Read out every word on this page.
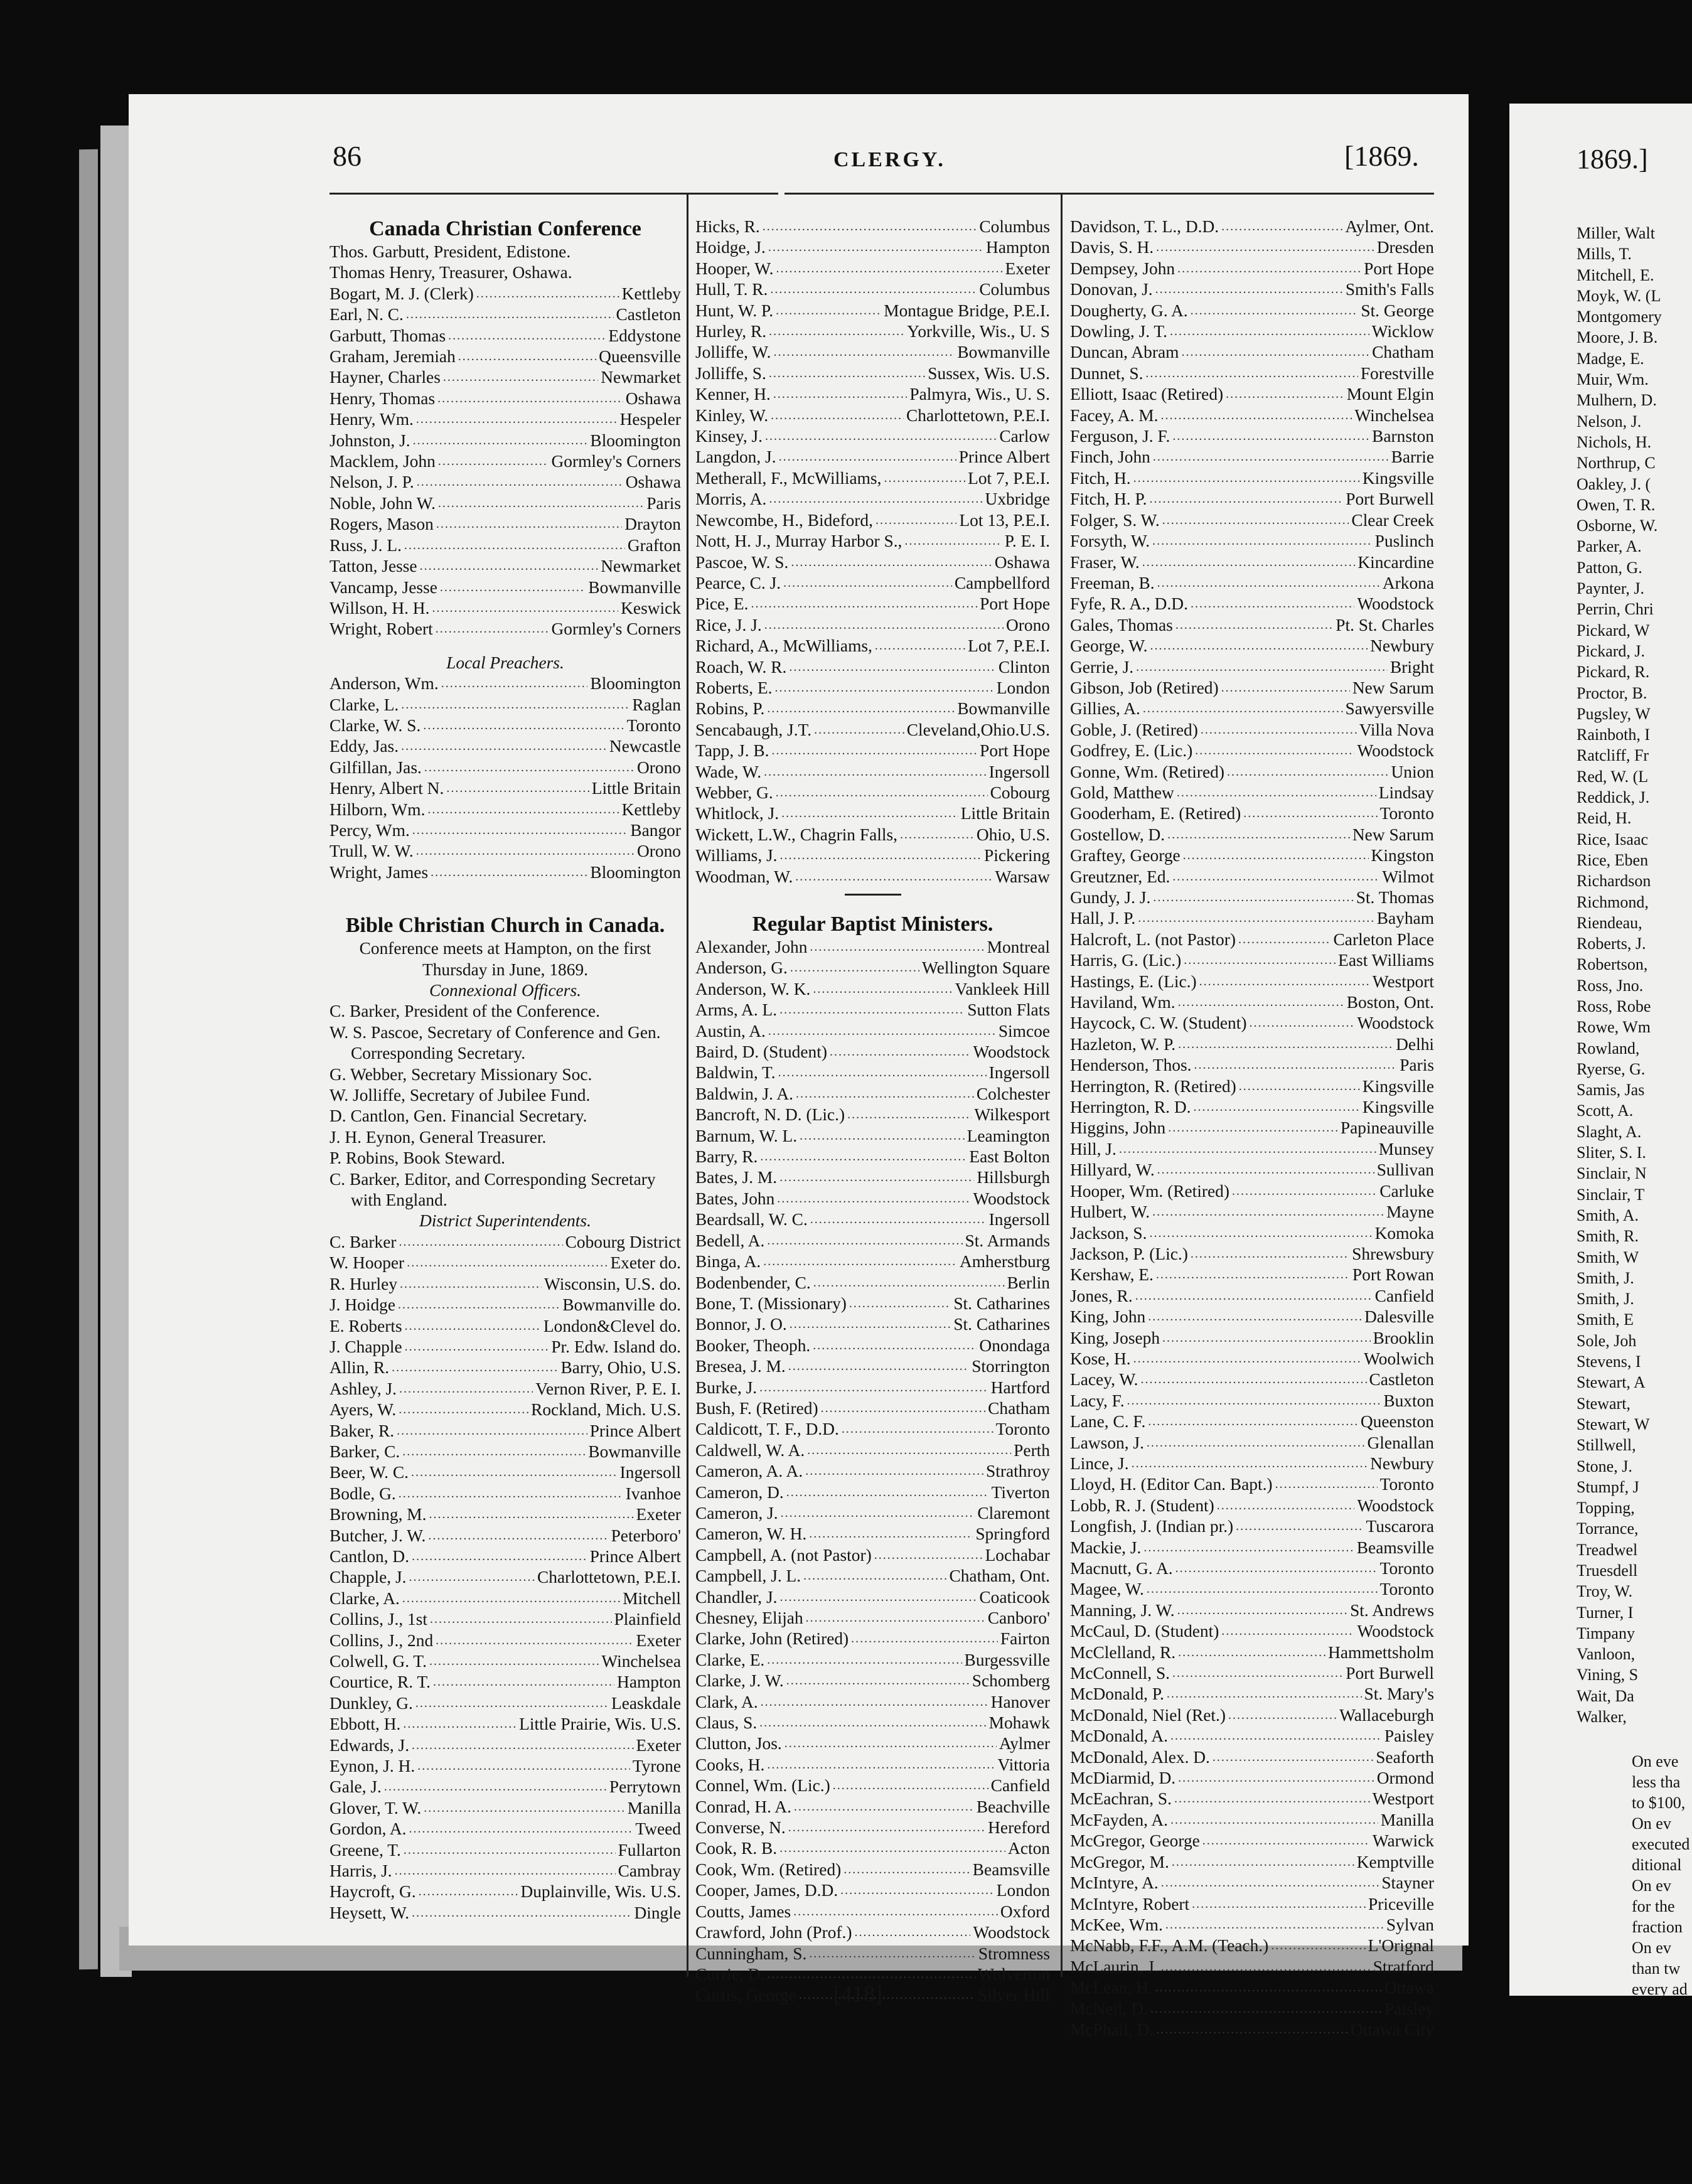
86	CLERGY.	[1869.
Canada Christian Conference
Thos. Garbutt, President, Edistone.
Thomas Henry, Treasurer, Oshawa.
Bogart, M. J. (Clerk) .....	Kettleby
Earl, N. C. .....	Castleton
Garbutt, Thomas .....	Eddystone
Graham, Jeremiah .....	Queensville
Hayner, Charles .....	Newmarket
Henry, Thomas .....	Oshawa
Henry, Wm. .....	Hespeler
Johnston, J. .....	Bloomington
Macklem, John .....	Gormley's Corners
Nelson, J. P. .....	Oshawa
Noble, John W. .....	Paris
Rogers, Mason .....	Drayton
Russ, J. L. .....	Grafton
Tatton, Jesse .....	Newmarket
Vancamp, Jesse .....	Bowmanville
Willson, H. H. .....	Keswick
Wright, Robert .....	Gormley's Corners
Local Preachers.
Anderson, Wm. .....	Bloomington
Clarke, L. .....	Raglan
Clarke, W. S. .....	Toronto
Eddy, Jas. .....	Newcastle
Gilfillan, Jas. .....	Orono
Henry, Albert N. .....	Little Britain
Hilborn, Wm. .....	Kettleby
Percy, Wm. .....	Bangor
Trull, W. W. .....	Orono
Wright, James .....	Bloomington
Bible Christian Church in Canada.
Conference meets at Hampton, on the first Thursday in June, 1869.
Connexional Officers.
C. Barker, President of the Conference.
W. S. Pascoe, Secretary of Conference and Gen. Corresponding Secretary.
G. Webber, Secretary Missionary Soc.
W. Jolliffe, Secretary of Jubilee Fund.
D. Cantlon, Gen. Financial Secretary.
J. H. Eynon, General Treasurer.
P. Robins, Book Steward.
C. Barker, Editor, and Corresponding Secretary with England.
District Superintendents.
C. Barker .....	Cobourg District
W. Hooper .....	Exeter do.
R. Hurley .....	Wisconsin, U.S. do.
J. Hoidge .....	Bowmanville do.
E. Roberts .....	London&Clevel do.
J. Chapple .....	Pr. Edw. Island do.
Allin, R. .....	Barry, Ohio, U.S.
Ashley, J. .....	Vernon River, P. E. I.
Ayers, W. .....	Rockland, Mich. U.S.
Baker, R. .....	Prince Albert
Barker, C. .....	Bowmanville
Beer, W. C. .....	Ingersoll
Bodle, G. .....	Ivanhoe
Browning, M. .....	Exeter
Butcher, J. W. .....	Peterboro'
Cantlon, D. .....	Prince Albert
Chapple, J. .....	Charlottetown, P.E.I.
Clarke, A. .....	Mitchell
Collins, J., 1st .....	Plainfield
Collins, J., 2nd .....	Exeter
Colwell, G. T. .....	Winchelsea
Courtice, R. T. .....	Hampton
Dunkley, G. .....	Leaskdale
Ebbott, H. .....	Little Prairie, Wis. U.S.
Edwards, J. .....	Exeter
Eynon, J. H. .....	Tyrone
Gale, J. .....	Perrytown
Glover, T. W. .....	Manilla
Gordon, A. .....	Tweed
Greene, T. .....	Fullarton
Harris, J. .....	Cambray
Haycroft, G. .....	Duplainville, Wis. U.S.
Heysett, W. .....	Dingle
Hicks, R. .....	Columbus
Hoidge, J. .....	Hampton
Hooper, W. .....	Exeter
Hull, T. R. .....	Columbus
Hunt, W. P. .....	Montague Bridge, P.E.I.
Hurley, R. .....	Yorkville, Wis., U. S
Jolliffe, W. .....	Bowmanville
Jolliffe, S. .....	Sussex, Wis. U.S.
Kenner, H. .....	Palmyra, Wis., U. S.
Kinley, W. .....	Charlottetown, P.E.I.
Kinsey, J. .....	Carlow
Langdon, J. .....	Prince Albert
Metherall, F., McWilliams, .....	Lot 7, P.E.I.
Morris, A. .....	Uxbridge
Newcombe, H., Bideford, .....	Lot 13, P.E.I.
Nott, H. J., Murray Harbor S., .....	P. E. I.
Pascoe, W. S. .....	Oshawa
Pearce, C. J. .....	Campbellford
Pice, E. .....	Port Hope
Rice, J. J. .....	Orono
Richard, A., McWilliams, .....	Lot 7, P.E.I.
Roach, W. R. .....	Clinton
Roberts, E. .....	London
Robins, P. .....	Bowmanville
Sencabaugh, J.T. .....	Cleveland,Ohio.U.S.
Tapp, J. B. .....	Port Hope
Wade, W. .....	Ingersoll
Webber, G. .....	Cobourg
Whitlock, J. .....	Little Britain
Wickett, L.W., Chagrin Falls, .....	Ohio, U.S.
Williams, J. .....	Pickering
Woodman, W. .....	Warsaw
Regular Baptist Ministers.
Alexander, John .....	Montreal
Anderson, G. .....	Wellington Square
Anderson, W. K. .....	Vankleek Hill
Arms, A. L. .....	Sutton Flats
Austin, A. .....	Simcoe
Baird, D. (Student) .....	Woodstock
Baldwin, T. .....	Ingersoll
Baldwin, J. A. .....	Colchester
Bancroft, N. D. (Lic.) .....	Wilkesport
Barnum, W. L. .....	Leamington
Barry, R. .....	East Bolton
Bates, J. M. .....	Hillsburgh
Bates, John .....	Woodstock
Beardsall, W. C. .....	Ingersoll
Bedell, A. .....	St. Armands
Binga, A. .....	Amherstburg
Bodenbender, C. .....	Berlin
Bone, T. (Missionary) .....	St. Catharines
Bonnor, J. O. .....	St. Catharines
Booker, Theoph. .....	Onondaga
Bresea, J. M. .....	Storrington
Burke, J. .....	Hartford
Bush, F. (Retired) .....	Chatham
Caldicott, T. F., D.D. .....	Toronto
Caldwell, W. A. .....	Perth
Cameron, A. A. .....	Strathroy
Cameron, D. .....	Tiverton
Cameron, J. .....	Claremont
Cameron, W. H. .....	Springford
Campbell, A. (not Pastor) .....	Lochabar
Campbell, J. L. .....	Chatham, Ont.
Chandler, J. .....	Coaticook
Chesney, Elijah .....	Canboro'
Clarke, John (Retired) .....	Fairton
Clarke, E. .....	Burgessville
Clarke, J. W. .....	Schomberg
Clark, A. .....	Hanover
Claus, S. .....	Mohawk
Clutton, Jos. .....	Aylmer
Cooks, H. .....	Vittoria
Connel, Wm. (Lic.) .....	Canfield
Conrad, H. A. .....	Beachville
Converse, N. .....	Hereford
Cook, R. B. .....	Acton
Cook, Wm. (Retired) .....	Beamsville
Cooper, James, D.D. .....	London
Coutts, James .....	Oxford
Crawford, John (Prof.) .....	Woodstock
Cunningham, S. .....	Stromness
Currie, D. .....	Wolverton
Curtis, George .....	Silver Hill
Davidson, T. L., D.D. .....	Aylmer, Ont.
Davis, S. H. .....	Dresden
Dempsey, John .....	Port Hope
Donovan, J. .....	Smith's Falls
Dougherty, G. A. .....	St. George
Dowling, J. T. .....	Wicklow
Duncan, Abram .....	Chatham
Dunnet, S. .....	Forestville
Elliott, Isaac (Retired) .....	Mount Elgin
Facey, A. M. .....	Winchelsea
Ferguson, J. F. .....	Barnston
Finch, John .....	Barrie
Fitch, H. .....	Kingsville
Fitch, H. P. .....	Port Burwell
Folger, S. W. .....	Clear Creek
Forsyth, W. .....	Puslinch
Fraser, W. .....	Kincardine
Freeman, B. .....	Arkona
Fyfe, R. A., D.D. .....	Woodstock
Gales, Thomas .....	Pt. St. Charles
George, W. .....	Newbury
Gerrie, J. .....	Bright
Gibson, Job (Retired) .....	New Sarum
Gillies, A. .....	Sawyersville
Goble, J. (Retired) .....	Villa Nova
Godfrey, E. (Lic.) .....	Woodstock
Gonne, Wm. (Retired) .....	Union
Gold, Matthew .....	Lindsay
Gooderham, E. (Retired) .....	Toronto
Gostellow, D. .....	New Sarum
Graftey, George .....	Kingston
Greutzner, Ed. .....	Wilmot
Gundy, J. J. .....	St. Thomas
Hall, J. P. .....	Bayham
Halcroft, L. (not Pastor) .....	Carleton Place
Harris, G. (Lic.) .....	East Williams
Hastings, E. (Lic.) .....	Westport
Haviland, Wm. .....	Boston, Ont.
Haycock, C. W. (Student) .....	Woodstock
Hazleton, W. P. .....	Delhi
Henderson, Thos. .....	Paris
Herrington, R. (Retired) .....	Kingsville
Herrington, R. D. .....	Kingsville
Higgins, John .....	Papineauville
Hill, J. .....	Munsey
Hillyard, W. .....	Sullivan
Hooper, Wm. (Retired) .....	Carluke
Hulbert, W. .....	Mayne
Jackson, S. .....	Komoka
Jackson, P. (Lic.) .....	Shrewsbury
Kershaw, E. .....	Port Rowan
Jones, R. .....	Canfield
King, John .....	Dalesville
King, Joseph .....	Brooklin
Kose, H. .....	Woolwich
Lacey, W. .....	Castleton
Lacy, F. .....	Buxton
Lane, C. F. .....	Queenston
Lawson, J. .....	Glenallan
Lince, J. .....	Newbury
Lloyd, H. (Editor Can. Bapt.) .....	Toronto
Lobb, R. J. (Student) .....	Woodstock
Longfish, J. (Indian pr.) .....	Tuscarora
Mackie, J. .....	Beamsville
Macnutt, G. A. .....	Toronto
Magee, W. .....	Toronto
Manning, J. W. .....	St. Andrews
McCaul, D. (Student) .....	Woodstock
McClelland, R. .....	Hammettsholm
McConnell, S. .....	Port Burwell
McDonald, P. .....	St. Mary's
McDonald, Niel (Ret.) .....	Wallaceburgh
McDonald, A. .....	Paisley
McDonald, Alex. D. .....	Seaforth
McDiarmid, D. .....	Ormond
McEachran, S. .....	Westport
McFayden, A. .....	Manilla
McGregor, George .....	Warwick
McGregor, M. .....	Kemptville
McIntyre, A. .....	Stayner
McIntyre, Robert .....	Priceville
McKee, Wm. .....	Sylvan
McNabb, F.F., A.M. (Teach.) .....	L'Orignal
McLaurin, J. .....	Stratford
McLean, H. .....	Ottawa
McNeil, D. .....	Paisley
McPhail, D. .....	Ottawa City
[418]
1869.]
Miller, Walt
Mills, T.
Mitchell, E.
Moyk, W. (L
Montgomery
Moore, J. B.
Madge, E.
Muir, Wm.
Mulhern, D.
Nelson, J.
Nichols, H.
Northrup, C
Oakley, J. (
Owen, T. R.
Osborne, W.
Parker, A.
Patton, G.
Paynter, J.
Perrin, Chri
Pickard, W
Pickard, J.
Pickard, R.
Proctor, B.
Pugsley, W
Rainboth, I
Ratcliff, Fr
Red, W. (L
Reddick, J.
Reid, H.
Rice, Isaac
Rice, Eben
Richardson
Richmond,
Riendeau,
Roberts, J.
Robertson,
Ross, Jno.
Ross, Robe
Rowe, Wm
Rowland,
Ryerse, G.
Samis, Jas
Scott, A.
Slaght, A.
Sliter, S. I.
Sinclair, N
Sinclair, T
Smith, A.
Smith, R.
Smith, W
Smith, J.
Smith, J.
Smith, E
Sole, Joh
Stevens, I
Stewart, A
Stewart,
Stewart, W
Stillwell,
Stone, J.
Stumpf, J
Topping,
Torrance,
Treadwel
Truesdell
Troy, W.
Turner, I
Timpany
Vanloon,
Vining, S
Wait, Da
Walker,
On eve
less tha
to $100,
On ev
executed
ditional
On ev
for the
fraction
On ev
than tw
every ad
